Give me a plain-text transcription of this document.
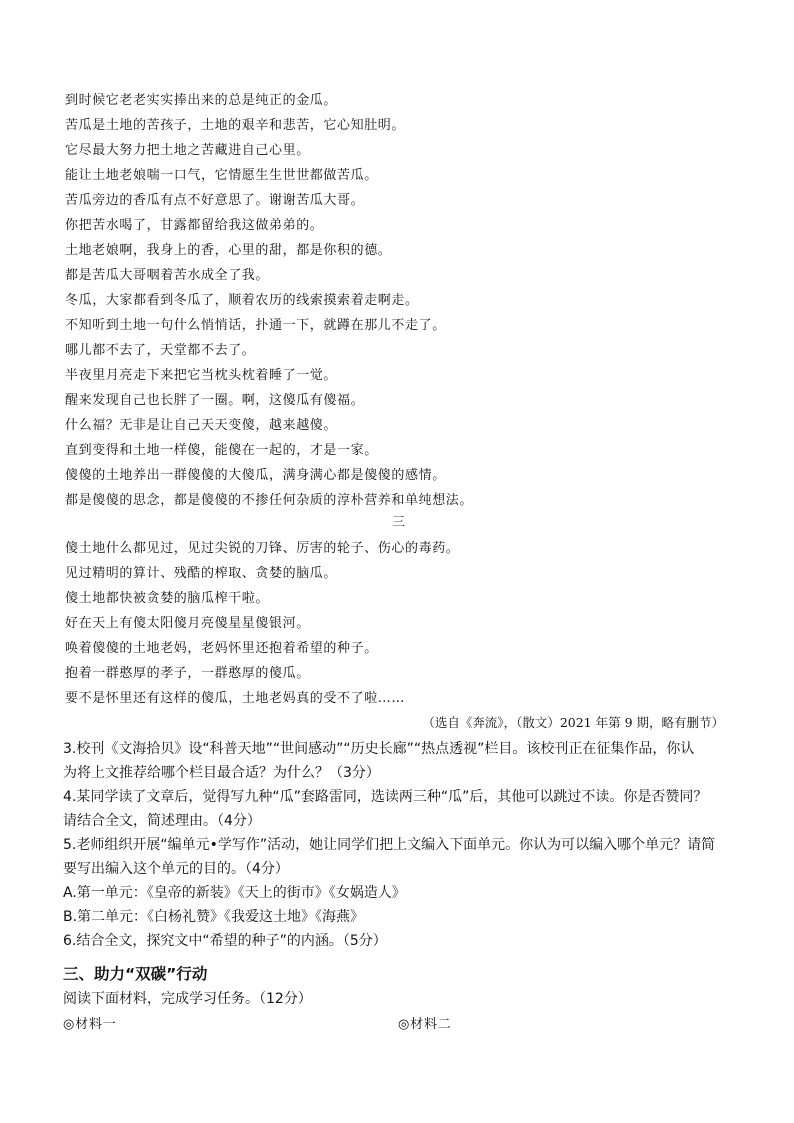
到时候它老老实实捧出来的总是纯正的金瓜。
苦瓜是土地的苦孩子，土地的艰辛和悲苦，它心知肚明。
它尽最大努力把土地之苦藏进自己心里。
能让土地老娘喘一口气，它情愿生生世世都做苦瓜。
苦瓜旁边的香瓜有点不好意思了。谢谢苦瓜大哥。
你把苦水喝了，甘露都留给我这做弟弟的。
土地老娘啊，我身上的香，心里的甜，都是你积的德。
都是苦瓜大哥咽着苦水成全了我。
冬瓜，大家都看到冬瓜了，顺着农历的线索摸索着走啊走。
不知听到土地一句什么悄悄话，扑通一下，就蹲在那儿不走了。
哪儿都不去了，天堂都不去了。
半夜里月亮走下来把它当枕头枕着睡了一觉。
醒来发现自己也长胖了一圈。啊，这傻瓜有傻福。
什么福？无非是让自己天天变傻，越来越傻。
直到变得和土地一样傻，能傻在一起的，才是一家。
傻傻的土地养出一群傻傻的大傻瓜，满身满心都是傻傻的感情。
都是傻傻的思念，都是傻傻的不掺任何杂质的淳朴营养和单纯想法。
三
傻土地什么都见过，见过尖锐的刀锋、厉害的轮子、伤心的毒药。
见过精明的算计、残酷的榨取、贪婪的脑瓜。
傻土地都快被贪婪的脑瓜榨干啦。
好在天上有傻太阳傻月亮傻星星傻银河。
唤着傻傻的土地老妈，老妈怀里还抱着希望的种子。
抱着一群憨厚的孝子，一群憨厚的傻瓜。
要不是怀里还有这样的傻瓜，土地老妈真的受不了啦……
（选自《奔流》，（散文）2021 年第 9 期，略有删节）
3.校刊《文海拾贝》设“科普天地”“世间感动”“历史长廊”“热点透视”栏目。该校刊正在征集作品，你认
为将上文推荐给哪个栏目最合适？为什么？（3分）
4.某同学读了文章后，觉得写九种“瓜”套路雷同，选读两三种“瓜”后，其他可以跳过不读。你是否赞同？
请结合全文，简述理由。（4分）
5.老师组织开展“编单元•学写作”活动，她让同学们把上文编入下面单元。你认为可以编入哪个单元？请简
要写出编入这个单元的目的。（4分）
A.第一单元：《皇帝的新装》《天上的街市》《女娲造人》
B.第二单元：《白杨礼赞》《我爱这土地》《海燕》
6.结合全文，探究文中“希望的种子”的内涵。（5分）
三、助力“双碳”行动
阅读下面材料，完成学习任务。（12分）
◎材料一	◎材料二
